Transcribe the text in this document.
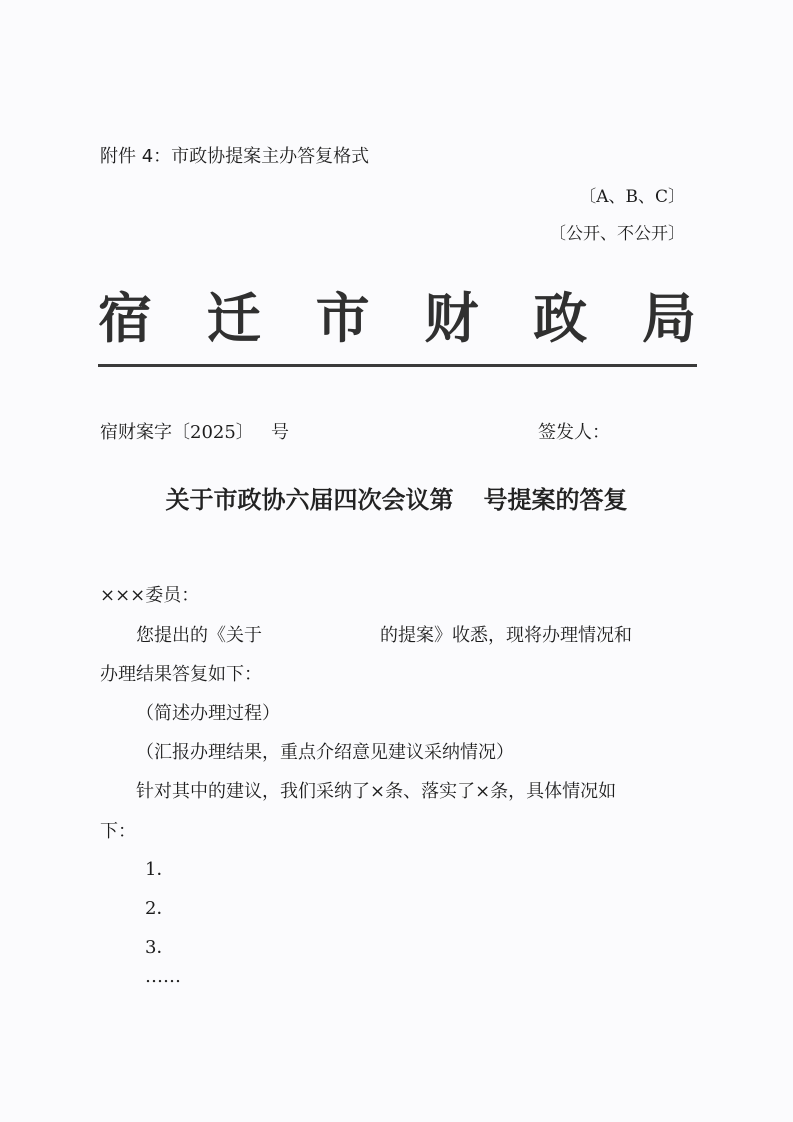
附件 4：市政协提案主办答复格式
〔A、B、C〕
〔公开、不公开〕
宿 迁 市 财 政 局
宿财案字〔2025〕   号	签发人：
关于市政协六届四次会议第 号提案的答复
×××委员：
您提出的《关于	的提案》收悉，现将办理情况和
办理结果答复如下：
（简述办理过程）
（汇报办理结果，重点介绍意见建议采纳情况）
针对其中的建议，我们采纳了×条、落实了×条，具体情况如
下：
1．
2．
3．
……
